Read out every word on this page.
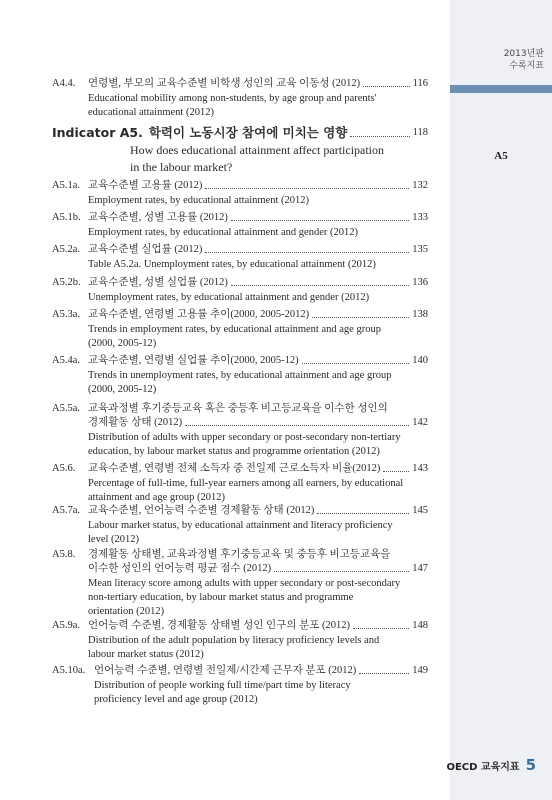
2013년판
수록지표
A5
A4.4. 연령별, 부모의 교육수준별 비학생 성인의 교육 이동성 (2012)	116
Educational mobility among non-students, by age group and parents'
educational attainment (2012)
Indicator A5. 학력이 노동시장 참여에 미치는 영향	118
How does educational attainment affect participation
in the labour market?
A5.1a. 교육수준별 고용률 (2012)	132
Employment rates, by educational attainment (2012)
A5.1b. 교육수준별, 성별 고용률 (2012)	133
Employment rates, by educational attainment and gender (2012)
A5.2a. 교육수준별 실업률 (2012)	135
Table A5.2a. Unemployment rates, by educational attainment (2012)
A5.2b. 교육수준별, 성별 실업률 (2012)	136
Unemployment rates, by educational attainment and gender (2012)
A5.3a. 교육수준별, 연령별 고용률 추이(2000, 2005-2012)	138
Trends in employment rates, by educational attainment and age group
(2000, 2005-12)
A5.4a. 교육수준별, 연령별 실업률 추이(2000, 2005-12)	140
Trends in unemployment rates, by educational attainment and age group
(2000, 2005-12)
A5.5a. 교육과정별 후기중등교육 혹은 중등후 비고등교육을 이수한 성인의
경제활동 상태 (2012)	142
Distribution of adults with upper secondary or post-secondary non-tertiary
education, by labour market status and programme orientation (2012)
A5.6. 교육수준별, 연령별 전체 소득자 중 전일제 근로소득자 비율(2012)	143
Percentage of full-time, full-year earners among all earners, by educational
attainment and age group (2012)
A5.7a. 교육수준별, 언어능력 수준별 경제활동 상태 (2012)	145
Labour market status, by educational attainment and literacy proficiency
level (2012)
A5.8. 경제활동 상태별, 교육과정별 후기중등교육 및 중등후 비고등교육을
이수한 성인의 언어능력 평균 점수 (2012)	147
Mean literacy score among adults with upper secondary or post-secondary
non-tertiary education, by labour market status and programme
orientation (2012)
A5.9a. 언어능력 수준별, 경제활동 상태별 성인 인구의 분포 (2012)	148
Distribution of the adult population by literacy proficiency levels and
labour market status (2012)
A5.10a. 언어능력 수준별, 연령별 전일제/시간제 근무자 분포 (2012)	149
Distribution of people working full time/part time by literacy
proficiency level and age group (2012)
OECD 교육지표 5
